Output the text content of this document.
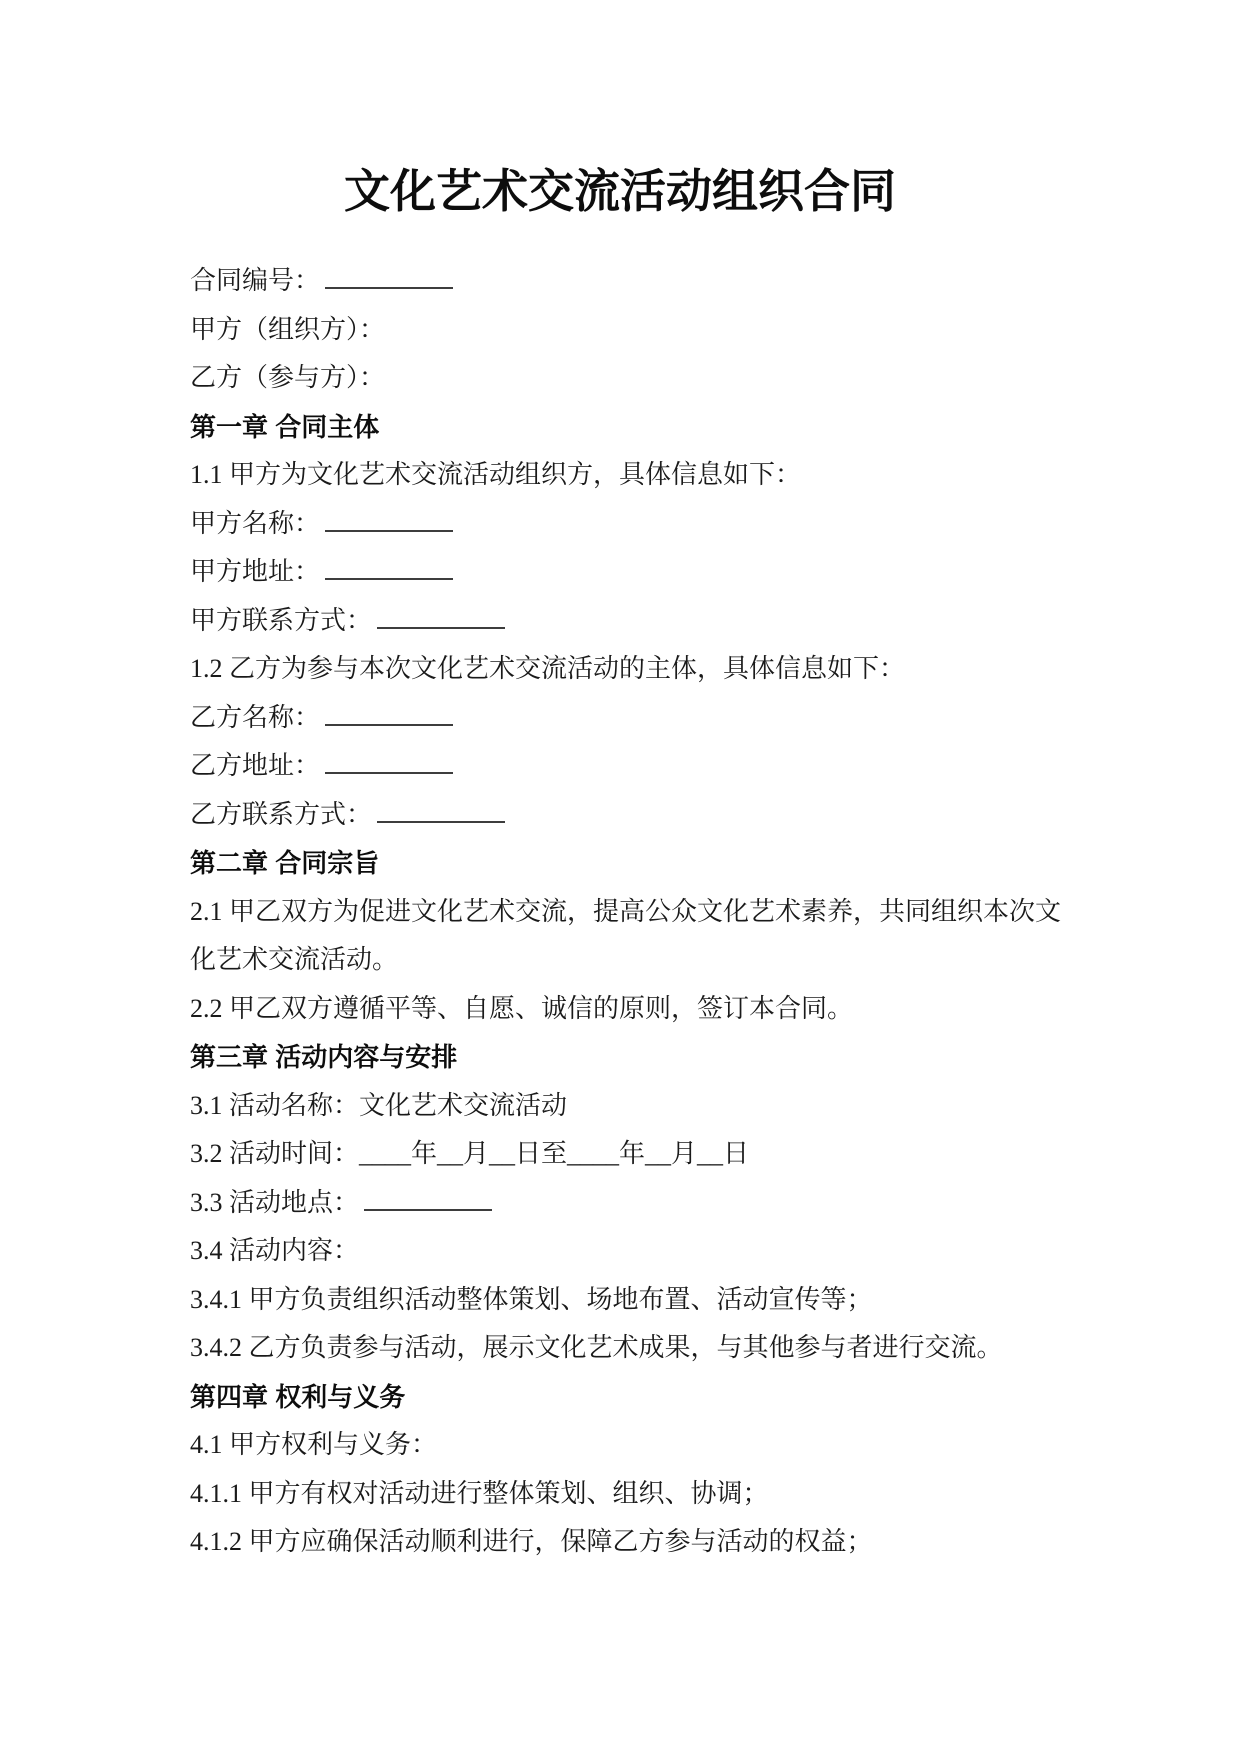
文化艺术交流活动组织合同

合同编号：

甲方（组织方）：

乙方（参与方）：

第一章 合同主体

1.1 甲方为文化艺术交流活动组织方，具体信息如下：

甲方名称：

甲方地址：

甲方联系方式：

1.2 乙方为参与本次文化艺术交流活动的主体，具体信息如下：

乙方名称：

乙方地址：

乙方联系方式：

第二章 合同宗旨

2.1 甲乙双方为促进文化艺术交流，提高公众文化艺术素养，共同组织本次文化艺术交流活动。

2.2 甲乙双方遵循平等、自愿、诚信的原则，签订本合同。

第三章 活动内容与安排

3.1 活动名称：文化艺术交流活动

3.2 活动时间：____年__月__日至____年__月__日

3.3 活动地点：

3.4 活动内容：

3.4.1 甲方负责组织活动整体策划、场地布置、活动宣传等；

3.4.2 乙方负责参与活动，展示文化艺术成果，与其他参与者进行交流。

第四章 权利与义务

4.1 甲方权利与义务：

4.1.1 甲方有权对活动进行整体策划、组织、协调；

4.1.2 甲方应确保活动顺利进行，保障乙方参与活动的权益；
